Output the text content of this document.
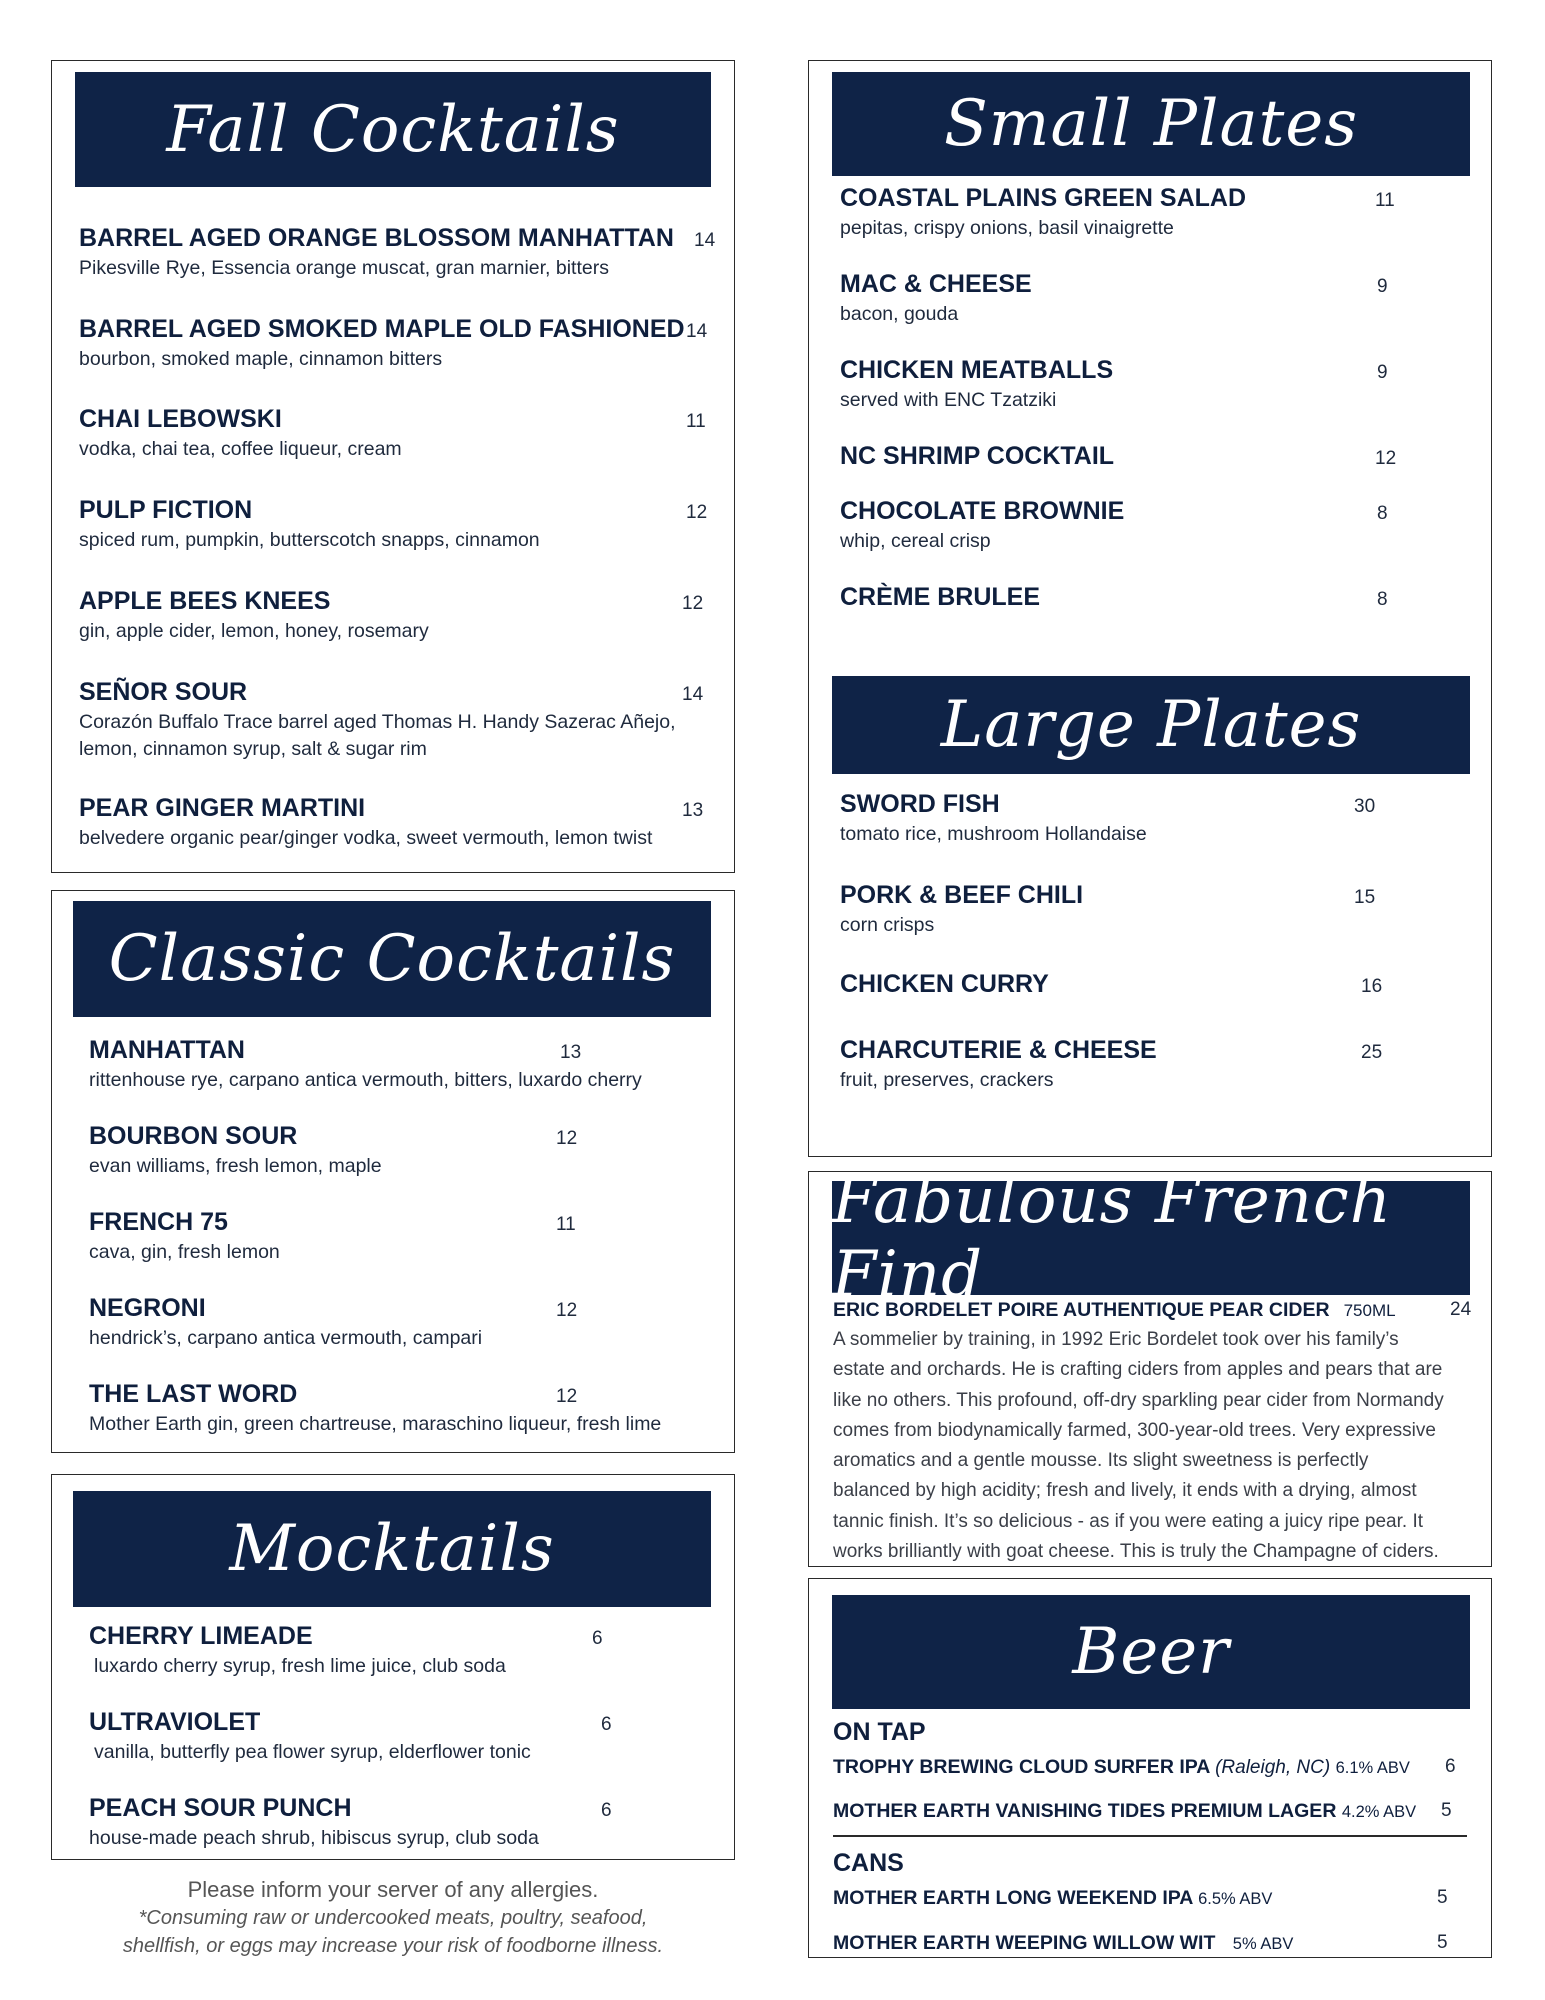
Fall Cocktails
BARREL AGED ORANGE BLOSSOM MANHATTAN
Pikesville Rye, Essencia orange muscat, gran marnier, bitters
14
BARREL AGED SMOKED MAPLE OLD FASHIONED
bourbon, smoked maple, cinnamon bitters
14
CHAI LEBOWSKI
vodka, chai tea, coffee liqueur, cream
11
PULP FICTION
spiced rum, pumpkin, butterscotch snapps, cinnamon
12
APPLE BEES KNEES
gin, apple cider, lemon, honey, rosemary
12
SEÑOR SOUR
Corazón Buffalo Trace barrel aged Thomas H. Handy Sazerac Añejo,
lemon, cinnamon syrup, salt & sugar rim
14
PEAR GINGER MARTINI
belvedere organic pear/ginger vodka, sweet vermouth, lemon twist
13
Classic Cocktails
MANHATTAN
rittenhouse rye, carpano antica vermouth, bitters, luxardo cherry
13
BOURBON SOUR
evan williams, fresh lemon, maple
12
FRENCH 75
cava, gin, fresh lemon
11
NEGRONI
hendrick’s, carpano antica vermouth, campari
12
THE LAST WORD
Mother Earth gin, green chartreuse, maraschino liqueur, fresh lime
12
Mocktails
CHERRY LIMEADE
luxardo cherry syrup, fresh lime juice, club soda
6
ULTRAVIOLET
vanilla, butterfly pea flower syrup, elderflower tonic
6
PEACH SOUR PUNCH
house-made peach shrub, hibiscus syrup, club soda
6
Please inform your server of any allergies.
*Consuming raw or undercooked meats, poultry, seafood,
shellfish, or eggs may increase your risk of foodborne illness.
Small Plates
COASTAL PLAINS GREEN SALAD
pepitas, crispy onions, basil vinaigrette
11
MAC & CHEESE
bacon, gouda
9
CHICKEN MEATBALLS
served with ENC Tzatziki
9
NC SHRIMP COCKTAIL	12
CHOCOLATE BROWNIE
whip, cereal crisp
8
CRÈME BRULEE	8
Large Plates
SWORD FISH
tomato rice, mushroom Hollandaise
30
PORK & BEEF CHILI
corn crisps
15
CHICKEN CURRY	16
CHARCUTERIE & CHEESE
fruit, preserves, crackers
25
Fabulous French Find
ERIC BORDELET POIRE AUTHENTIQUE PEAR CIDER 750ML	24
A sommelier by training, in 1992 Eric Bordelet took over his family’s
estate and orchards. He is crafting ciders from apples and pears that are
like no others. This profound, off-dry sparkling pear cider from Normandy
comes from biodynamically farmed, 300-year-old trees. Very expressive
aromatics and a gentle mousse. Its slight sweetness is perfectly
balanced by high acidity; fresh and lively, it ends with a drying, almost
tannic finish. It’s so delicious - as if you were eating a juicy ripe pear. It
works brilliantly with goat cheese. This is truly the Champagne of ciders.
Beer
ON TAP
TROPHY BREWING CLOUD SURFER IPA (Raleigh, NC) 6.1% ABV 6
MOTHER EARTH VANISHING TIDES PREMIUM LAGER 4.2% ABV 5
CANS
MOTHER EARTH LONG WEEKEND IPA 6.5% ABV	5
MOTHER EARTH WEEPING WILLOW WIT 5% ABV	5
